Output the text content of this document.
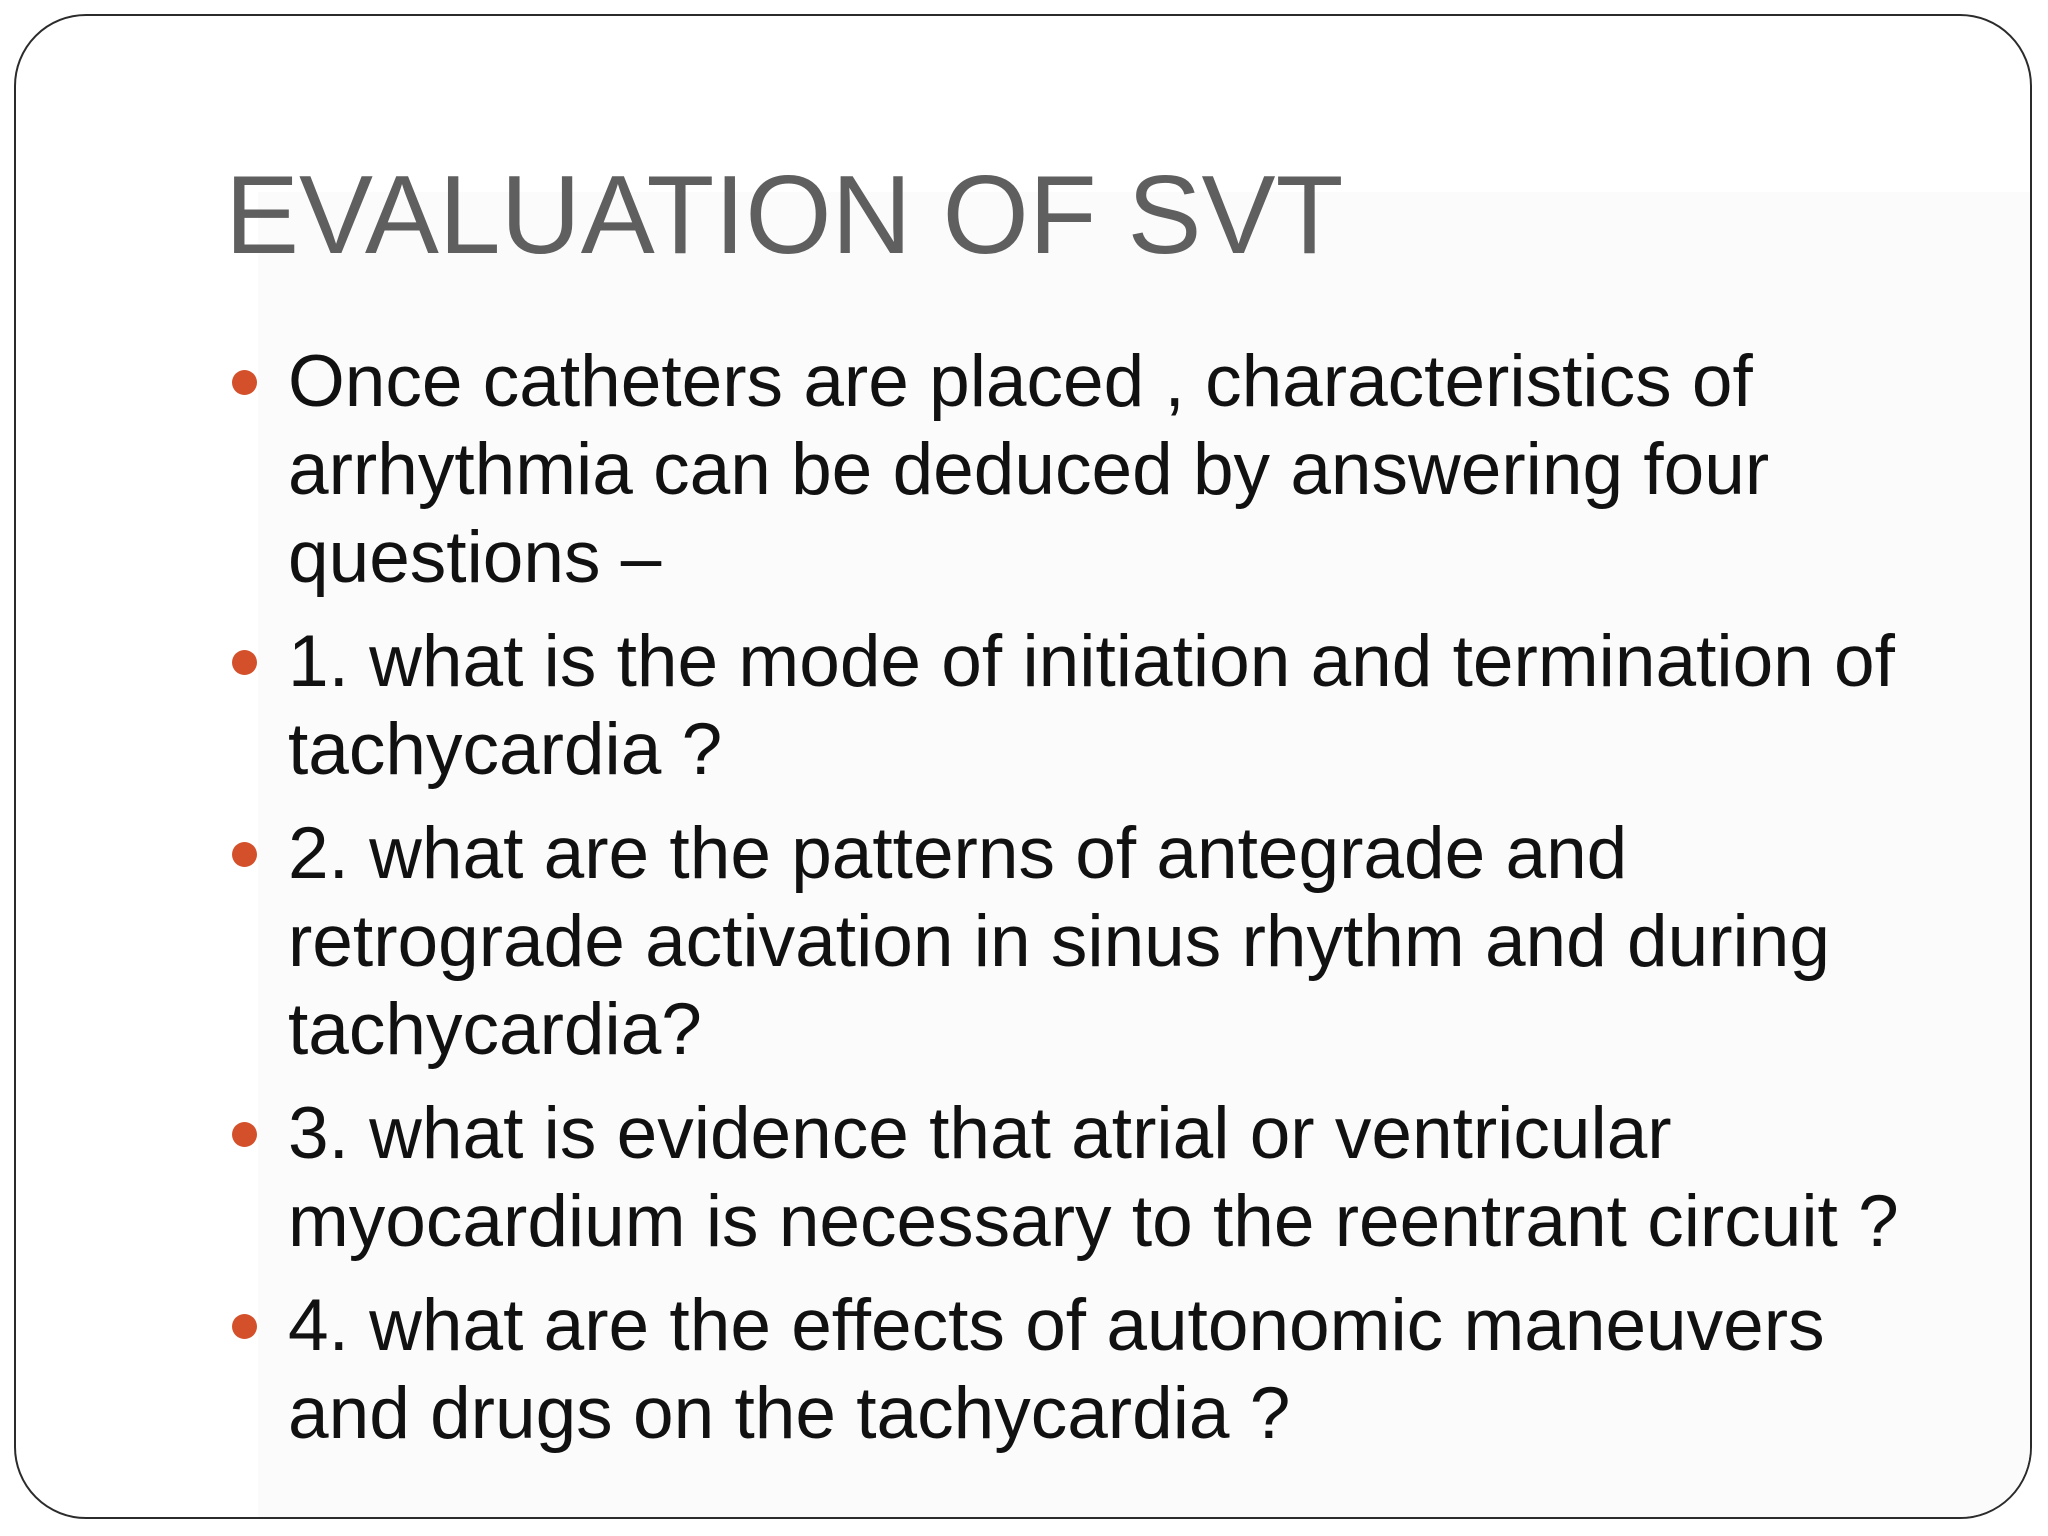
EVALUATION OF SVT
Once catheters are placed , characteristics of arrhythmia can be deduced by answering four questions –
1. what is the mode of initiation and termination of tachycardia ?
2. what are the patterns of antegrade and retrograde activation in sinus rhythm and during tachycardia?
3. what is evidence that atrial or ventricular myocardium is necessary to the reentrant circuit ?
4. what are the effects of autonomic maneuvers and drugs on the tachycardia ?
